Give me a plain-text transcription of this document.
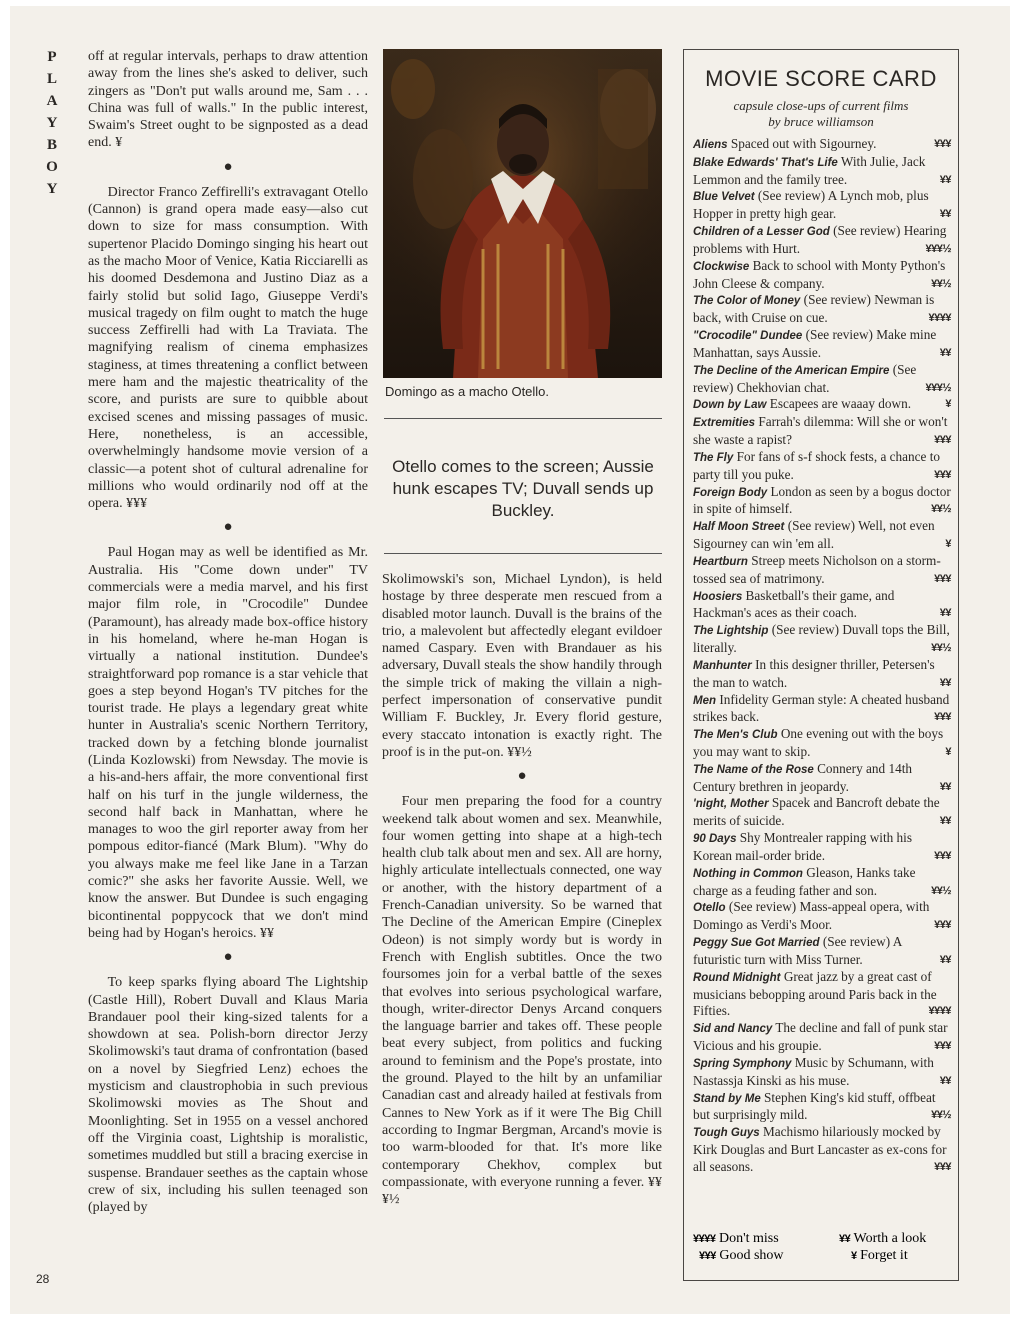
P
L
A
Y
B
O
Y

off at regular intervals, perhaps to draw attention away from the lines she's asked to deliver, such zingers as "Don't put walls around me, Sam . . . China was full of walls." In the public interest, Swaim's Street ought to be signposted as a dead end. ¥

●

Director Franco Zeffirelli's extravagant Otello (Cannon) is grand opera made easy—also cut down to size for mass consumption. With supertenor Placido Domingo singing his heart out as the macho Moor of Venice, Katia Ricciarelli as his doomed Desdemona and Justino Diaz as a fairly stolid but solid Iago, Giuseppe Verdi's musical tragedy on film ought to match the huge success Zeffirelli had with La Traviata. The magnifying realism of cinema emphasizes staginess, at times threatening a conflict between mere ham and the majestic theatricality of the score, and purists are sure to quibble about excised scenes and missing passages of music. Here, nonetheless, is an accessible, overwhelmingly handsome movie version of a classic—a potent shot of cultural adrenaline for millions who would ordinarily nod off at the opera. ¥¥¥

●

Paul Hogan may as well be identified as Mr. Australia. His "Come down under" TV commercials were a media marvel, and his first major film role, in "Crocodile" Dundee (Paramount), has already made box-office history in his homeland, where he-man Hogan is virtually a national institution. Dundee's straightforward pop romance is a star vehicle that goes a step beyond Hogan's TV pitches for the tourist trade. He plays a legendary great white hunter in Australia's scenic Northern Territory, tracked down by a fetching blonde journalist (Linda Kozlowski) from Newsday. The movie is a his-and-hers affair, the more conventional first half on his turf in the jungle wilderness, the second half back in Manhattan, where he manages to woo the girl reporter away from her pompous editor-fiancé (Mark Blum). "Why do you always make me feel like Jane in a Tarzan comic?" she asks her favorite Aussie. Well, we know the answer. But Dundee is such engaging bicontinental poppycock that we don't mind being had by Hogan's heroics. ¥¥

●

To keep sparks flying aboard The Lightship (Castle Hill), Robert Duvall and Klaus Maria Brandauer pool their king-sized talents for a showdown at sea. Polish-born director Jerzy Skolimowski's taut drama of confrontation (based on a novel by Siegfried Lenz) echoes the mysticism and claustrophobia in such previous Skolimowski movies as The Shout and Moonlighting. Set in 1955 on a vessel anchored off the Virginia coast, Lightship is moralistic, sometimes muddled but still a bracing exercise in suspense. Brandauer seethes as the captain whose crew of six, including his sullen teenaged son (played by

Domingo as a macho Otello.
Otello comes to the screen; Aussie hunk escapes TV; Duvall sends up Buckley.

Skolimowski's son, Michael Lyndon), is held hostage by three desperate men rescued from a disabled motor launch. Duvall is the brains of the trio, a malevolent but affectedly elegant evildoer named Caspary. Even with Brandauer as his adversary, Duvall steals the show handily through the simple trick of making the villain a nigh-perfect impersonation of conservative pundit William F. Buckley, Jr. Every florid gesture, every staccato intonation is exactly right. The proof is in the put-on. ¥¥½

●

Four men preparing the food for a country weekend talk about women and sex. Meanwhile, four women getting into shape at a high-tech health club talk about men and sex. All are horny, highly articulate intellectuals connected, one way or another, with the history department of a French-Canadian university. So be warned that The Decline of the American Empire (Cineplex Odeon) is not simply wordy but is wordy in French with English subtitles. Once the two foursomes join for a verbal battle of the sexes that evolves into serious psychological warfare, though, writer-director Denys Arcand conquers the language barrier and takes off. These people beat every subject, from politics and fucking around to feminism and the Pope's prostate, into the ground. Played to the hilt by an unfamiliar Canadian cast and already hailed at festivals from Cannes to New York as if it were The Big Chill according to Ingmar Bergman, Arcand's movie is too warm-blooded for that. It's more like contemporary Chekhov, complex but compassionate, with everyone running a fever. ¥¥¥½

MOVIE SCORE CARD
capsule close-ups of current films
by bruce williamson
Aliens Spaced out with Sigourney.	¥¥¥
Blake Edwards' That's Life With Julie, Jack Lemmon and the family tree.	¥¥
Blue Velvet (See review) A Lynch mob, plus Hopper in pretty high gear.	¥¥
Children of a Lesser God (See review) Hearing problems with Hurt.	¥¥¥½
Clockwise Back to school with Monty Python's John Cleese & company.	¥¥½
The Color of Money (See review) Newman is back, with Cruise on cue.	¥¥¥¥
"Crocodile" Dundee (See review) Make mine Manhattan, says Aussie.	¥¥
The Decline of the American Empire (See review) Chekhovian chat.	¥¥¥½
Down by Law Escapees are waaay down.	¥
Extremities Farrah's dilemma: Will she or won't she waste a rapist?	¥¥¥
The Fly For fans of s-f shock fests, a chance to party till you puke.	¥¥¥
Foreign Body London as seen by a bogus doctor in spite of himself.	¥¥½
Half Moon Street (See review) Well, not even Sigourney can win 'em all.	¥
Heartburn Streep meets Nicholson on a storm-tossed sea of matrimony.	¥¥¥
Hoosiers Basketball's their game, and Hackman's aces as their coach.	¥¥
The Lightship (See review) Duvall tops the Bill, literally.	¥¥½
Manhunter In this designer thriller, Petersen's the man to watch.	¥¥
Men Infidelity German style: A cheated husband strikes back.	¥¥¥
The Men's Club One evening out with the boys you may want to skip.	¥
The Name of the Rose Connery and 14th Century brethren in jeopardy.	¥¥
'night, Mother Spacek and Bancroft debate the merits of suicide.	¥¥
90 Days Shy Montrealer rapping with his Korean mail-order bride.	¥¥¥
Nothing in Common Gleason, Hanks take charge as a feuding father and son.	¥¥½
Otello (See review) Mass-appeal opera, with Domingo as Verdi's Moor.	¥¥¥
Peggy Sue Got Married (See review) A futuristic turn with Miss Turner.	¥¥
Round Midnight Great jazz by a great cast of musicians bebopping around Paris back in the Fifties.	¥¥¥¥
Sid and Nancy The decline and fall of punk star Vicious and his groupie.	¥¥¥
Spring Symphony Music by Schumann, with Nastassja Kinski as his muse.	¥¥
Stand by Me Stephen King's kid stuff, offbeat but surprisingly mild.	¥¥½
Tough Guys Machismo hilariously mocked by Kirk Douglas and Burt Lancaster as ex-cons for all seasons.	¥¥¥
¥¥¥¥ Don't miss	¥¥ Worth a look
¥¥¥ Good show	¥ Forget it
28
